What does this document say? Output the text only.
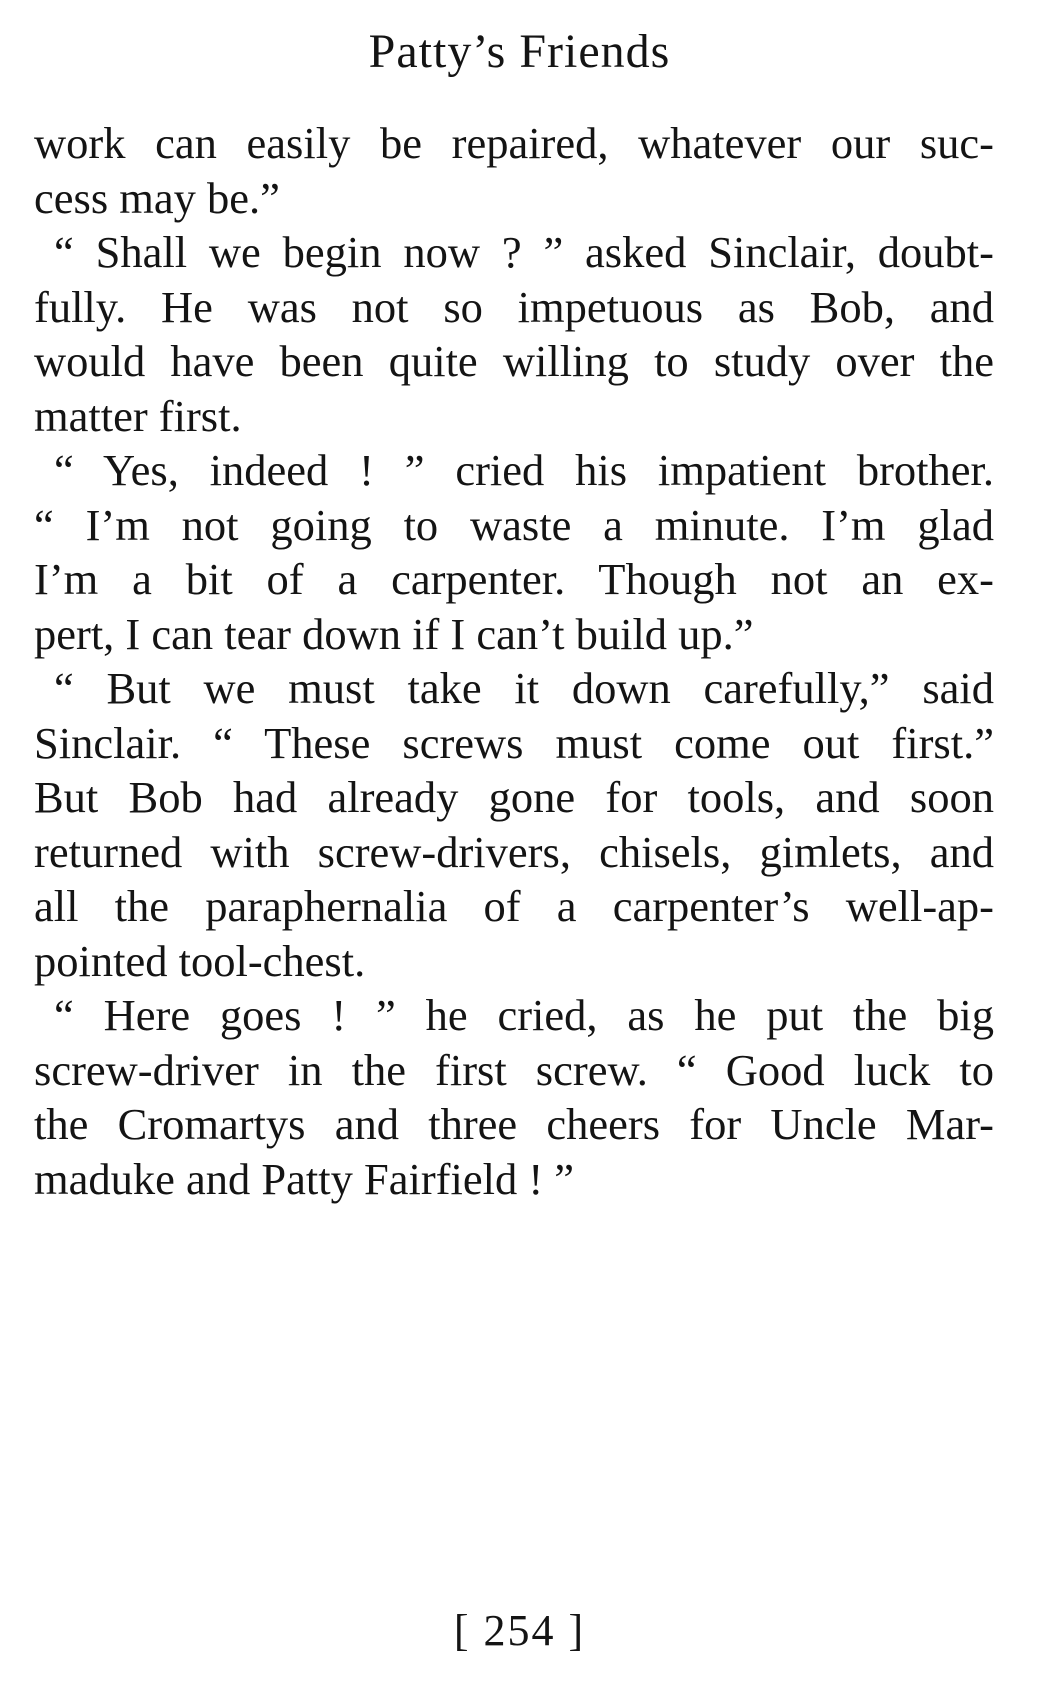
Patty’s Friends
work can easily be repaired, whatever our suc-
cess may be.”
“ Shall we begin now ? ” asked Sinclair, doubt-
fully. He was not so impetuous as Bob, and
would have been quite willing to study over the
matter first.
“ Yes, indeed ! ” cried his impatient brother.
“ I’m not going to waste a minute. I’m glad
I’m a bit of a carpenter. Though not an ex-
pert, I can tear down if I can’t build up.”
“ But we must take it down carefully,” said
Sinclair. “ These screws must come out first.”
But Bob had already gone for tools, and soon
returned with screw-drivers, chisels, gimlets, and
all the paraphernalia of a carpenter’s well-ap-
pointed tool-chest.
“ Here goes ! ” he cried, as he put the big
screw-driver in the first screw. “ Good luck to
the Cromartys and three cheers for Uncle Mar-
maduke and Patty Fairfield ! ”
[ 254 ]
